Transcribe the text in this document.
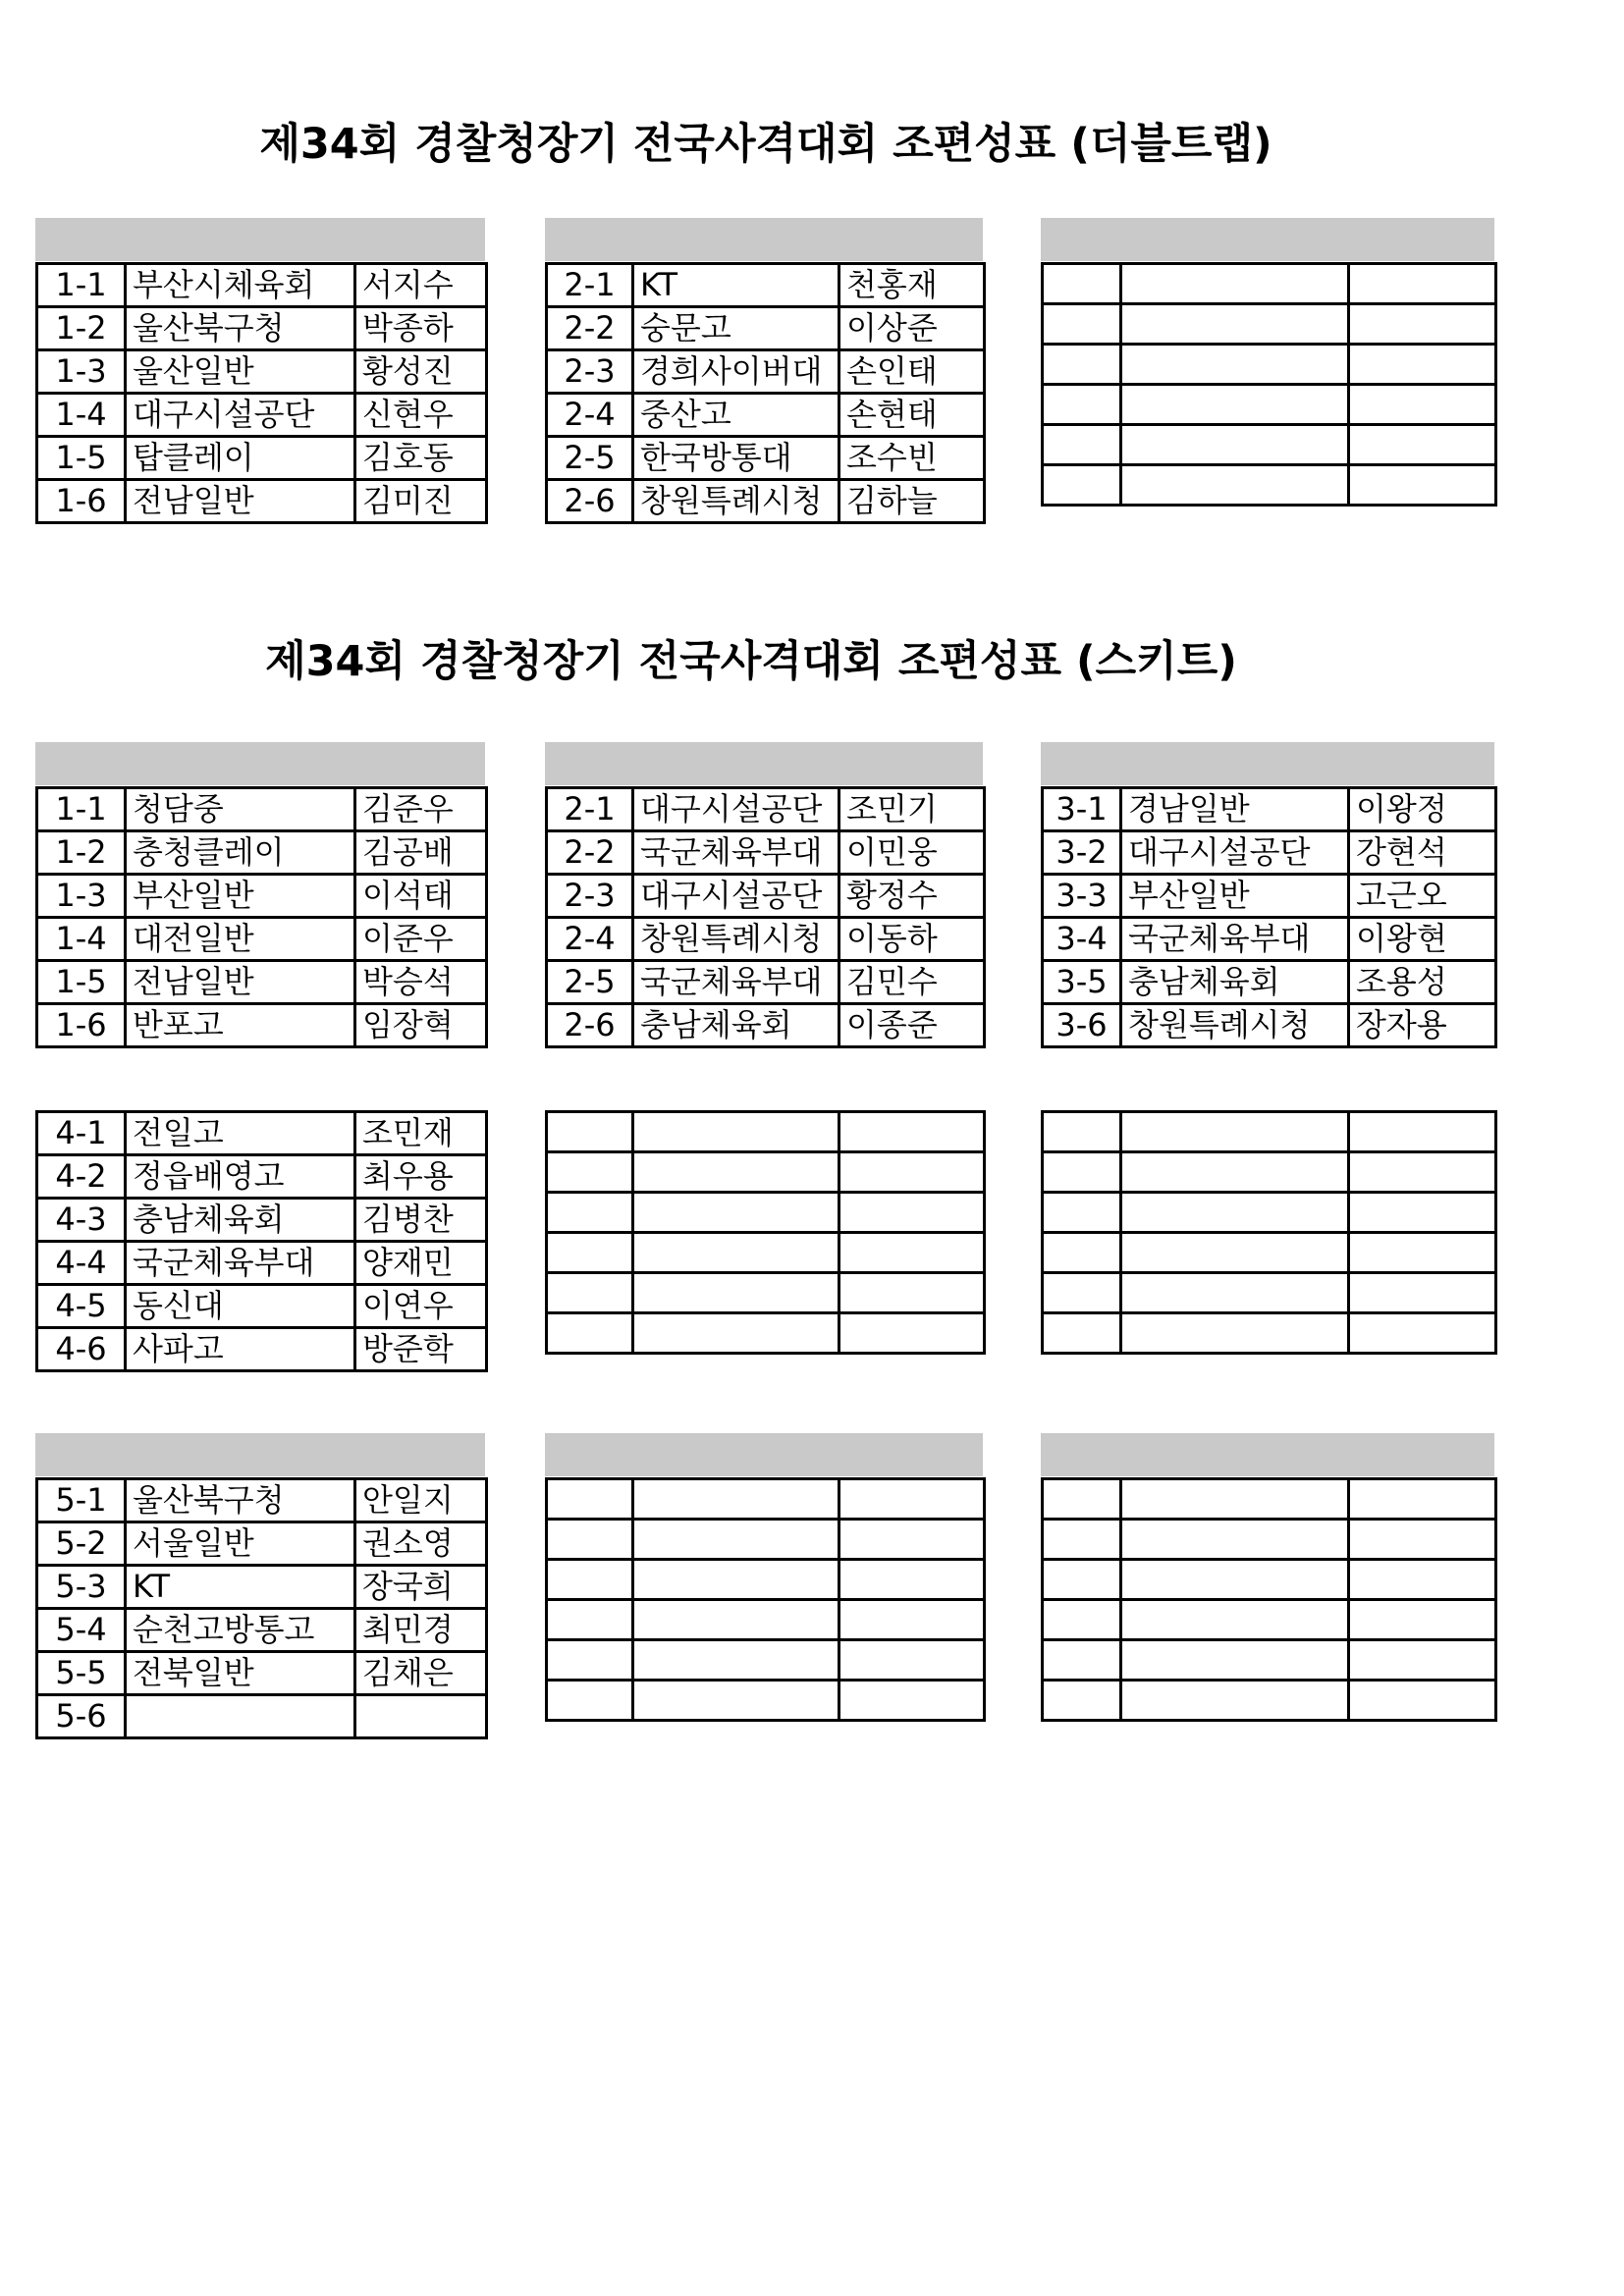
제34회 경찰청장기 전국사격대회 조편성표 (더블트랩)
제34회 경찰청장기 전국사격대회 조편성표 (스키트)
1-1	부산시체육회	서지수
1-2	울산북구청	박종하
1-3	울산일반	황성진
1-4	대구시설공단	신현우
1-5	탑클레이	김호동
1-6	전남일반	김미진
2-1	KT	천홍재
2-2	숭문고	이상준
2-3	경희사이버대	손인태
2-4	중산고	손현태
2-5	한국방통대	조수빈
2-6	창원특례시청	김하늘

1-1	청담중	김준우
1-2	충청클레이	김공배
1-3	부산일반	이석태
1-4	대전일반	이준우
1-5	전남일반	박승석
1-6	반포고	임장혁
2-1	대구시설공단	조민기
2-2	국군체육부대	이민웅
2-3	대구시설공단	황정수
2-4	창원특례시청	이동하
2-5	국군체육부대	김민수
2-6	충남체육회	이종준
3-1	경남일반	이왕정
3-2	대구시설공단	강현석
3-3	부산일반	고근오
3-4	국군체육부대	이왕현
3-5	충남체육회	조용성
3-6	창원특례시청	장자용
4-1	전일고	조민재
4-2	정읍배영고	최우용
4-3	충남체육회	김병찬
4-4	국군체육부대	양재민
4-5	동신대	이연우
4-6	사파고	방준학

5-1	울산북구청	안일지
5-2	서울일반	권소영
5-3	KT	장국희
5-4	순천고방통고	최민경
5-5	전북일반	김채은
5-6		
